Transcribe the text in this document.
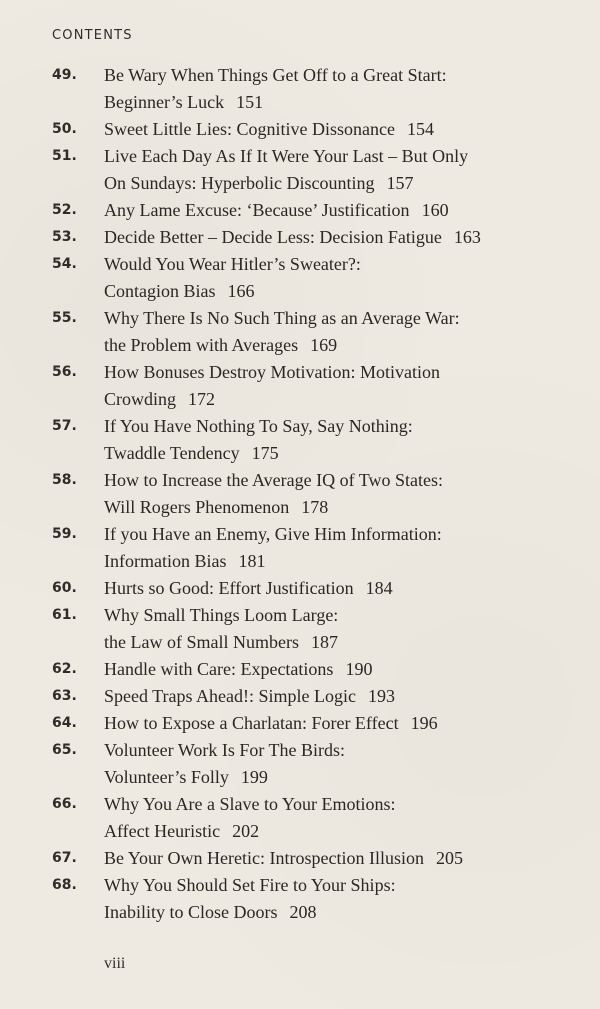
CONTENTS
49.	Be Wary When Things Get Off to a Great Start:
Beginner’s Luck 151
50.	Sweet Little Lies: Cognitive Dissonance 154
51.	Live Each Day As If It Were Your Last – But Only
On Sundays: Hyperbolic Discounting 157
52.	Any Lame Excuse: ‘Because’ Justification 160
53.	Decide Better – Decide Less: Decision Fatigue 163
54.	Would You Wear Hitler’s Sweater?:
Contagion Bias 166
55.	Why There Is No Such Thing as an Average War:
the Problem with Averages 169
56.	How Bonuses Destroy Motivation: Motivation
Crowding 172
57.	If You Have Nothing To Say, Say Nothing:
Twaddle Tendency 175
58.	How to Increase the Average IQ of Two States:
Will Rogers Phenomenon 178
59.	If you Have an Enemy, Give Him Information:
Information Bias 181
60.	Hurts so Good: Effort Justification 184
61.	Why Small Things Loom Large:
the Law of Small Numbers 187
62.	Handle with Care: Expectations 190
63.	Speed Traps Ahead!: Simple Logic 193
64.	How to Expose a Charlatan: Forer Effect 196
65.	Volunteer Work Is For The Birds:
Volunteer’s Folly 199
66.	Why You Are a Slave to Your Emotions:
Affect Heuristic 202
67.	Be Your Own Heretic: Introspection Illusion 205
68.	Why You Should Set Fire to Your Ships:
Inability to Close Doors 208
viii
